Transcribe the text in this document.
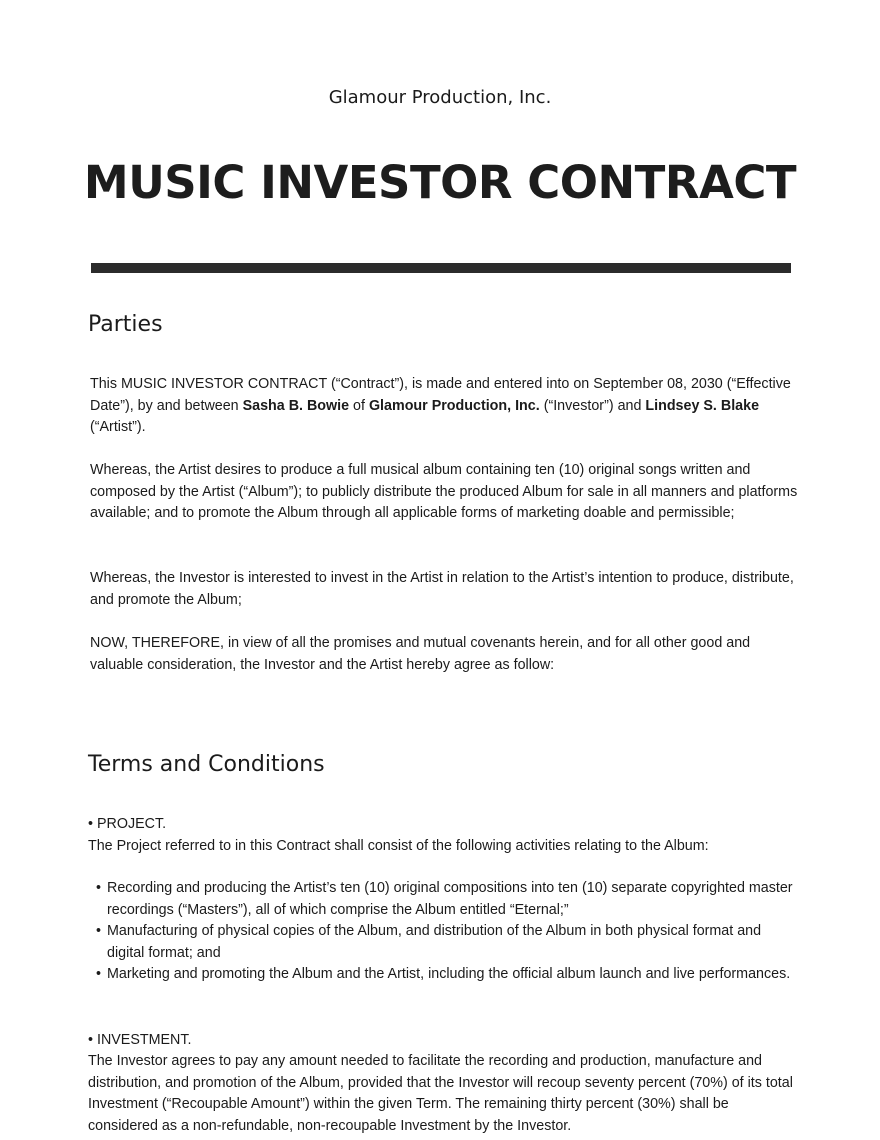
Glamour Production, Inc.
MUSIC INVESTOR CONTRACT
Parties

This MUSIC INVESTOR CONTRACT (“Contract”), is made and entered into on September 08, 2030 (“Effective Date”), by and between Sasha B. Bowie of Glamour Production, Inc. (“Investor”) and Lindsey S. Blake (“Artist”).

Whereas, the Artist desires to produce a full musical album containing ten (10) original songs written and composed by the Artist (“Album”); to publicly distribute the produced Album for sale in all manners and platforms available; and to promote the Album through all applicable forms of marketing doable and permissible;

Whereas, the Investor is interested to invest in the Artist in relation to the Artist’s intention to produce, distribute, and promote the Album;

NOW, THEREFORE, in view of all the promises and mutual covenants herein, and for all other good and valuable consideration, the Investor and the Artist hereby agree as follow:

Terms and Conditions
• PROJECT.

The Project referred to in this Contract shall consist of the following activities relating to the Album:

• Recording and producing the Artist’s ten (10) original compositions into ten (10) separate copyrighted master recordings (“Masters”), all of which comprise the Album entitled “Eternal;”
• Manufacturing of physical copies of the Album, and distribution of the Album in both physical format and digital format; and
• Marketing and promoting the Album and the Artist, including the official album launch and live performances.
• INVESTMENT.

The Investor agrees to pay any amount needed to facilitate the recording and production, manufacture and distribution, and promotion of the Album, provided that the Investor will recoup seventy percent (70%) of its total Investment (“Recoupable Amount”) within the given Term. The remaining thirty percent (30%) shall be considered as a non-refundable, non-recoupable Investment by the Investor.
